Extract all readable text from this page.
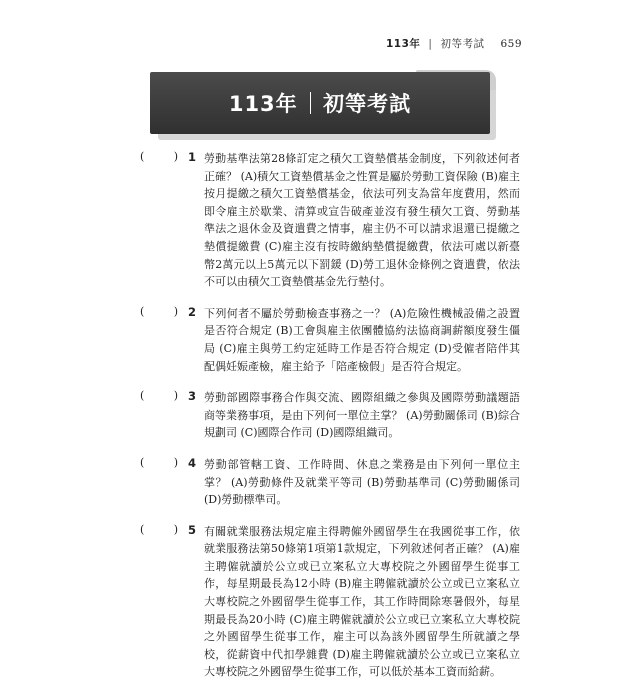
113年 | 初等考試 659
113年 初等考試
(	) 1 勞動基準法第28條訂定之積欠工資墊償基金制度，下列敘述何者正確？ (A)積欠工資墊償基金之性質是屬於勞動工資保險 (B)雇主按月提繳之積欠工資墊償基金，依法可列支為當年度費用，然而即令雇主於歇業、清算或宣告破產並沒有發生積欠工資、勞動基準法之退休金及資遣費之情事，雇主仍不可以請求退還已提繳之墊償提繳費 (C)雇主沒有按時繳納墊償提繳費，依法可處以新臺幣2萬元以上5萬元以下罰鍰 (D)勞工退休金條例之資遣費，依法不可以由積欠工資墊償基金先行墊付。
(	) 2 下列何者不屬於勞動檢查事務之一？ (A)危險性機械設備之設置是否符合規定 (B)工會與雇主依團體協約法協商調薪額度發生僵局 (C)雇主與勞工約定延時工作是否符合規定 (D)受僱者陪伴其配偶妊娠產檢，雇主給予「陪產檢假」是否符合規定。
(	) 3 勞動部國際事務合作與交流、國際組織之參與及國際勞動議題語商等業務事項，是由下列何一單位主掌？ (A)勞動關係司 (B)綜合規劃司 (C)國際合作司 (D)國際組織司。
(	) 4 勞動部管轄工資、工作時間、休息之業務是由下列何一單位主掌？ (A)勞動條件及就業平等司 (B)勞動基準司 (C)勞動關係司 (D)勞動標準司。
(	) 5 有關就業服務法規定雇主得聘僱外國留學生在我國從事工作，依就業服務法第50條第1項第1款規定，下列敘述何者正確？ (A)雇主聘僱就讀於公立或已立案私立大專校院之外國留學生從事工作，每星期最長為12小時 (B)雇主聘僱就讀於公立或已立案私立大專校院之外國留學生從事工作，其工作時間除寒暑假外，每星期最長為20小時 (C)雇主聘僱就讀於公立或已立案私立大專校院之外國留學生從事工作，雇主可以為該外國留學生所就讀之學校，從薪資中代扣學雜費 (D)雇主聘僱就讀於公立或已立案私立大專校院之外國留學生從事工作，可以低於基本工資而給薪。
